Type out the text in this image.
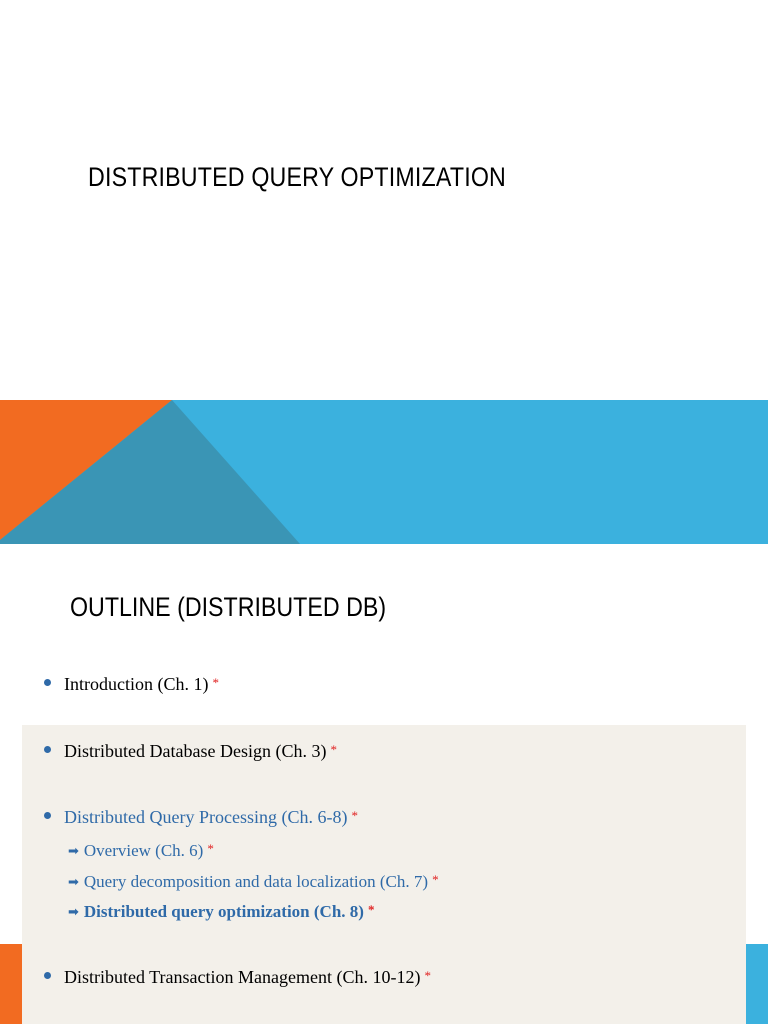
DISTRIBUTED QUERY OPTIMIZATION
OUTLINE (DISTRIBUTED DB)
Introduction (Ch. 1) *
Distributed Database Design (Ch. 3) *
Distributed Query Processing (Ch. 6-8) *
➡ Overview (Ch. 6) *
➡ Query decomposition and data localization (Ch. 7) *
➡ Distributed query optimization (Ch. 8) *
Distributed Transaction Management (Ch. 10-12) *
